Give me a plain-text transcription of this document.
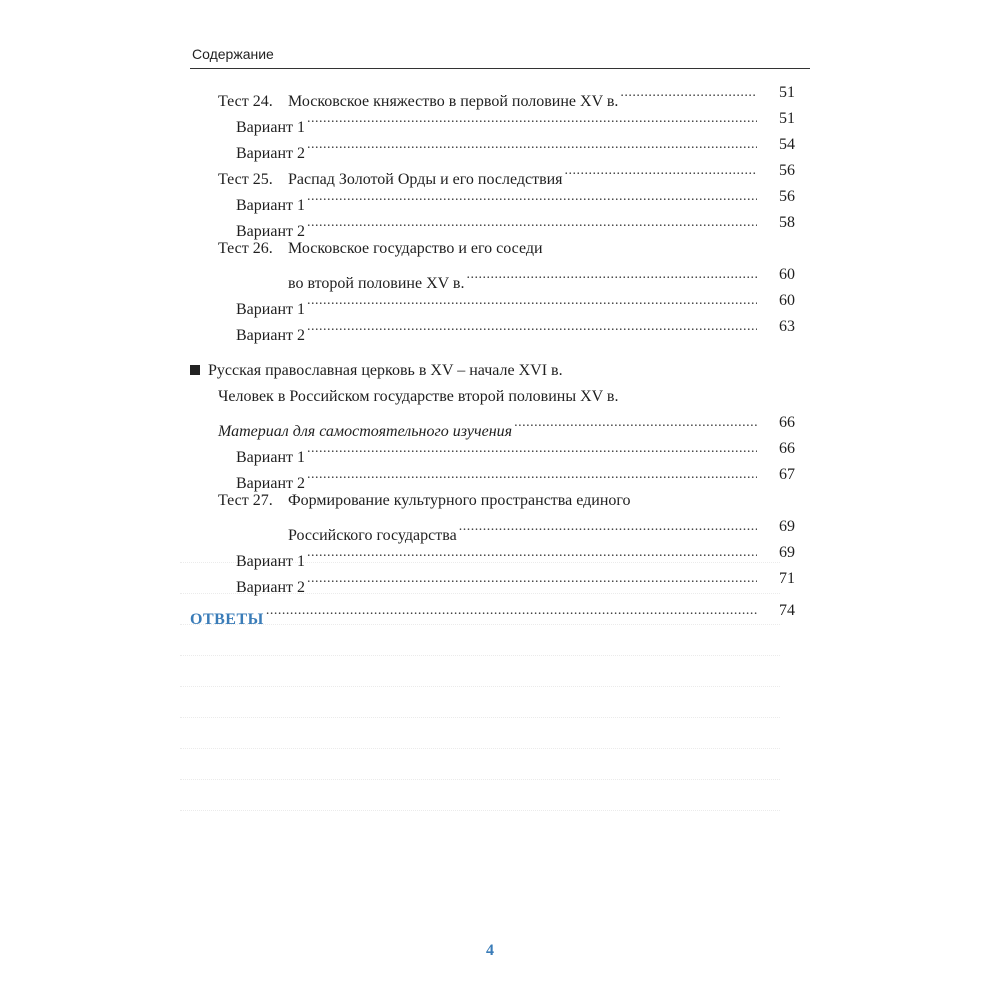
Содержание
Тест 24. Московское княжество в первой половине XV в.
. . .
51
Вариант 1
. . .
51
Вариант 2
. . .
54
Тест 25. Распад Золотой Орды и его последствия
. . .
56
Вариант 1
. . .
56
Вариант 2
. . .
58
Тест 26. Московское государство и его соседи
во второй половине XV в.
. . .
60
Вариант 1
. . .
60
Вариант 2
. . .
63
Русская православная церковь в XV – начале XVI в.
Человек в Российском государстве второй половины XV в.
Материал для самостоятельного изучения
. . .
66
Вариант 1
. . .
66
Вариант 2
. . .
67
Тест 27. Формирование культурного пространства единого
Российского государства
. . .
69
Вариант 1
. . .
69
Вариант 2
. . .
71
ОТВЕТЫ
. . .
74
4
